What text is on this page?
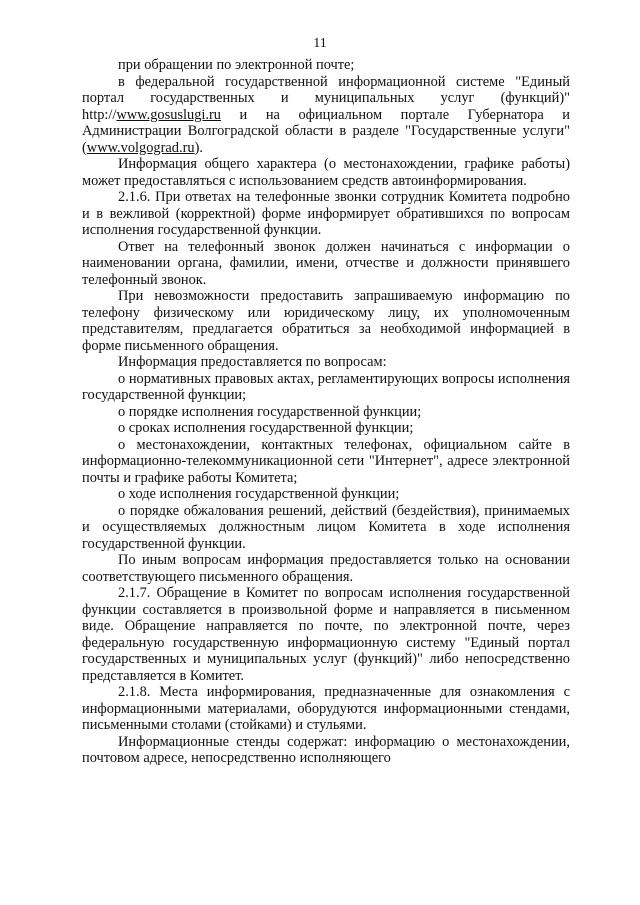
11

при обращении по электронной почте;

в федеральной государственной информационной системе "Единый портал государственных и муниципальных услуг (функций)" http://www.gosuslugi.ru и на официальном портале Губернатора и Администрации Волгоградской области в разделе "Государственные услуги" (www.volgograd.ru).

Информация общего характера (о местонахождении, графике работы) может предоставляться с использованием средств автоинформирования.

2.1.6. При ответах на телефонные звонки сотрудник Комитета подробно и в вежливой (корректной) форме информирует обратившихся по вопросам исполнения государственной функции.

Ответ на телефонный звонок должен начинаться с информации о наименовании органа, фамилии, имени, отчестве и должности принявшего телефонный звонок.

При невозможности предоставить запрашиваемую информацию по телефону физическому или юридическому лицу, их уполномоченным представителям, предлагается обратиться за необходимой информацией в форме письменного обращения.

Информация предоставляется по вопросам:

о нормативных правовых актах, регламентирующих вопросы исполнения государственной функции;

о порядке исполнения государственной функции;

о сроках исполнения государственной функции;

о местонахождении, контактных телефонах, официальном сайте в информационно-телекоммуникационной сети "Интернет", адресе электронной почты и графике работы Комитета;

о ходе исполнения государственной функции;

о порядке обжалования решений, действий (бездействия), принимаемых и осуществляемых должностным лицом Комитета в ходе исполнения государственной функции.

По иным вопросам информация предоставляется только на основании соответствующего письменного обращения.

2.1.7. Обращение в Комитет по вопросам исполнения государственной функции составляется в произвольной форме и направляется в письменном виде. Обращение направляется по почте, по электронной почте, через федеральную государственную информационную систему "Единый портал государственных и муниципальных услуг (функций)" либо непосредственно представляется в Комитет.

2.1.8. Места информирования, предназначенные для ознакомления с информационными материалами, оборудуются информационными стендами, письменными столами (стойками) и стульями.

Информационные стенды содержат: информацию о местонахождении, почтовом адресе, непосредственно исполняющего
